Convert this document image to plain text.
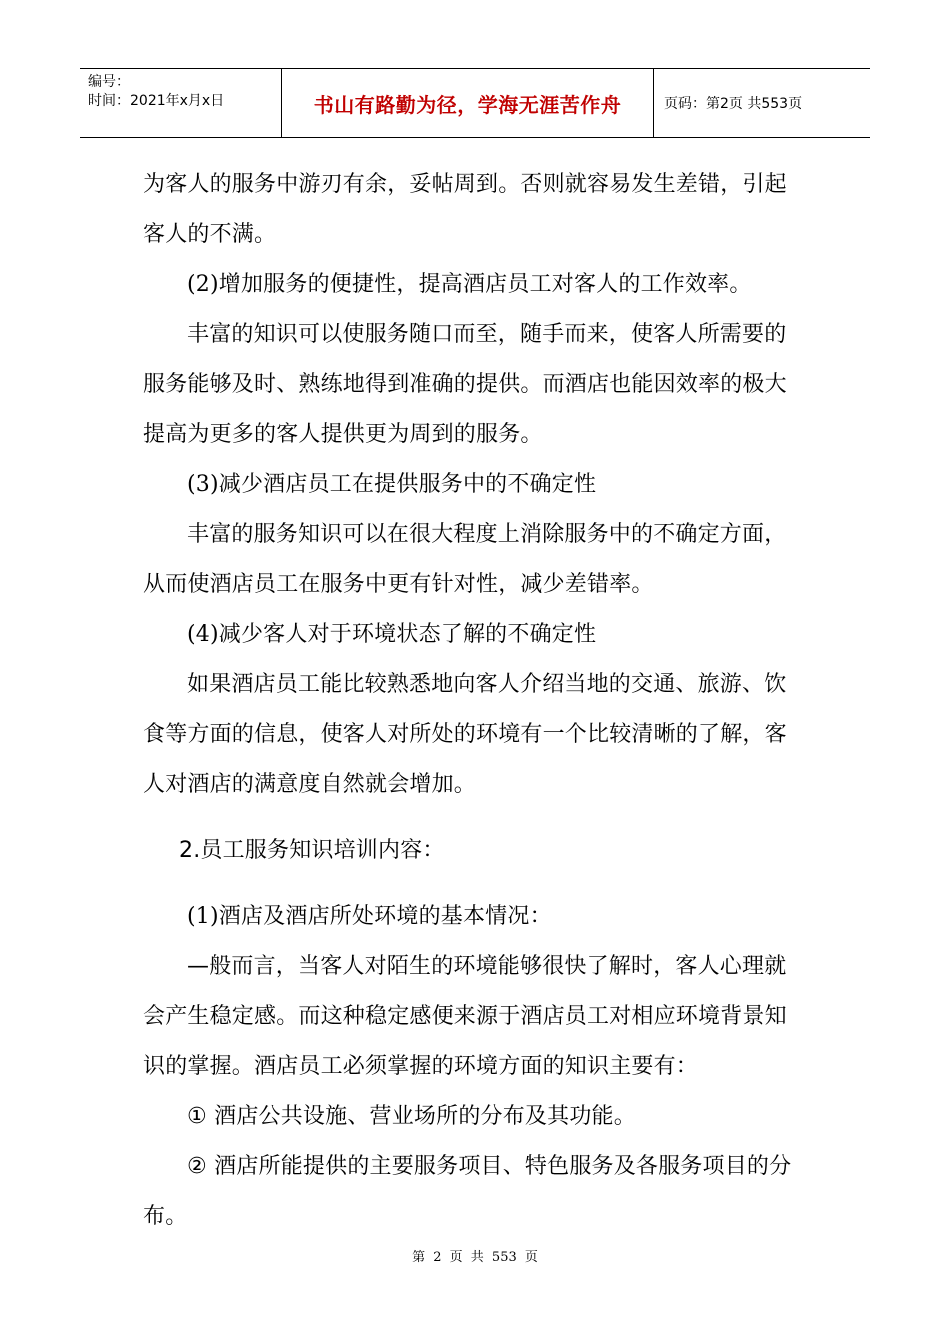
编号：
时间：2021年x月x日	书山有路勤为径，学海无涯苦作舟	页码：第2页 共553页

为客人的服务中游刃有余，妥帖周到。否则就容易发生差错，引起

客人的不满。

(2)增加服务的便捷性，提高酒店员工对客人的工作效率。

丰富的知识可以使服务随口而至，随手而来，使客人所需要的

服务能够及时、熟练地得到准确的提供。而酒店也能因效率的极大

提高为更多的客人提供更为周到的服务。

(3)减少酒店员工在提供服务中的不确定性

丰富的服务知识可以在很大程度上消除服务中的不确定方面，

从而使酒店员工在服务中更有针对性，减少差错率。

(4)减少客人对于环境状态了解的不确定性

如果酒店员工能比较熟悉地向客人介绍当地的交通、旅游、饮

食等方面的信息，使客人对所处的环境有一个比较清晰的了解，客

人对酒店的满意度自然就会增加。

2.员工服务知识培训内容：

(1)酒店及酒店所处环境的基本情况：

—般而言，当客人对陌生的环境能够很快了解时，客人心理就

会产生稳定感。而这种稳定感便来源于酒店员工对相应环境背景知

识的掌握。酒店员工必须掌握的环境方面的知识主要有：

① 酒店公共设施、营业场所的分布及其功能。

② 酒店所能提供的主要服务项目、特色服务及各服务项目的分

布。

第 2 页 共 553 页
